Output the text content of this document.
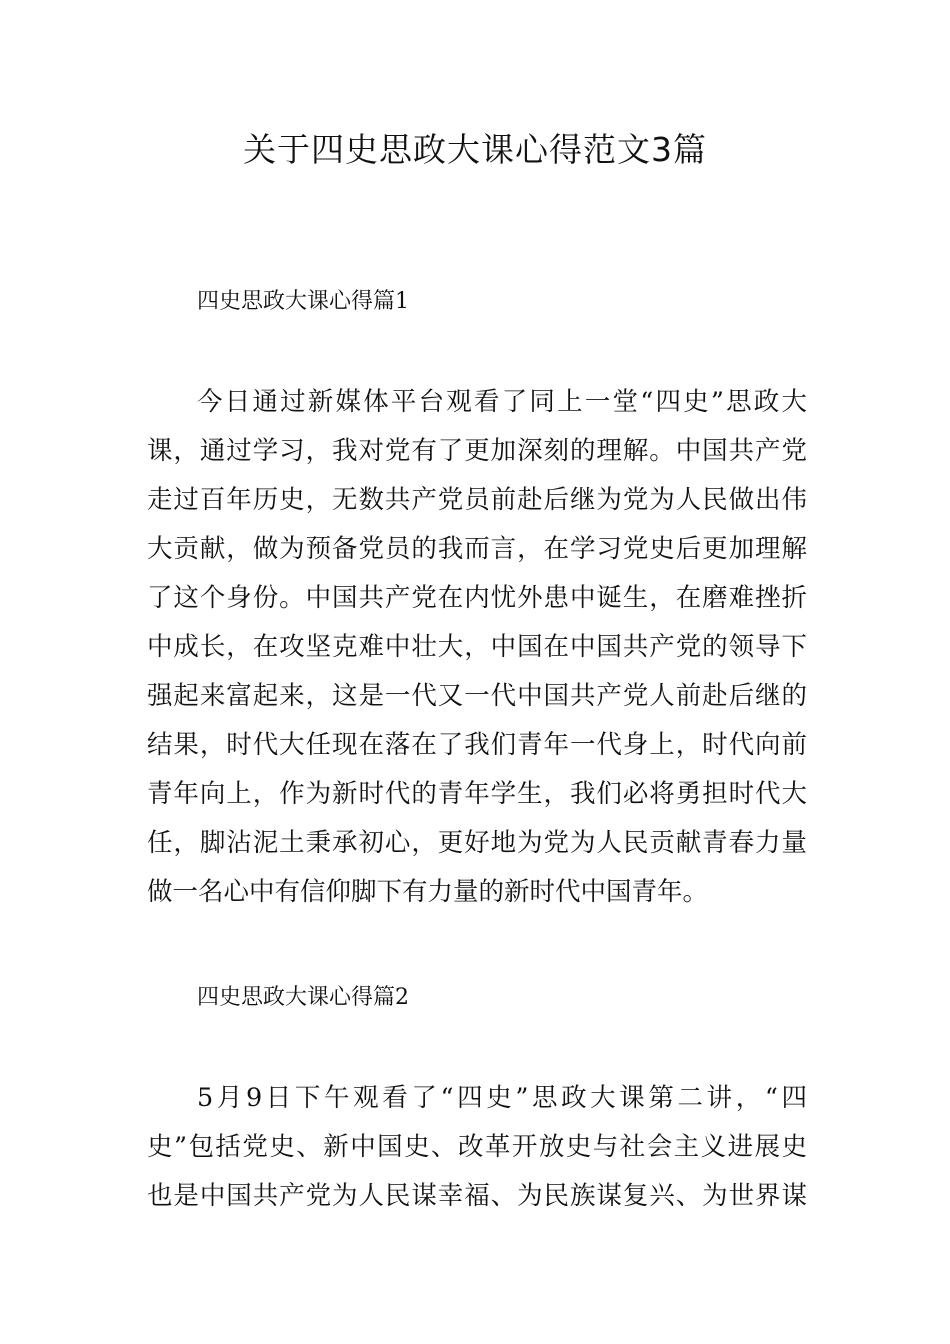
关于四史思政大课心得范文3篇
四史思政大课心得篇1
今日通过新媒体平台观看了同上一堂“四史”思政大
课，通过学习，我对党有了更加深刻的理解。中国共产党
走过百年历史，无数共产党员前赴后继为党为人民做出伟
大贡献，做为预备党员的我而言，在学习党史后更加理解
了这个身份。中国共产党在内忧外患中诞生，在磨难挫折
中成长，在攻坚克难中壮大，中国在中国共产党的领导下
强起来富起来，这是一代又一代中国共产党人前赴后继的
结果，时代大任现在落在了我们青年一代身上，时代向前
青年向上，作为新时代的青年学生，我们必将勇担时代大
任，脚沾泥土秉承初心，更好地为党为人民贡献青春力量
做一名心中有信仰脚下有力量的新时代中国青年。
四史思政大课心得篇2
5月9日下午观看了“四史”思政大课第二讲，“四
史”包括党史、新中国史、改革开放史与社会主义进展史
也是中国共产党为人民谋幸福、为民族谋复兴、为世界谋
